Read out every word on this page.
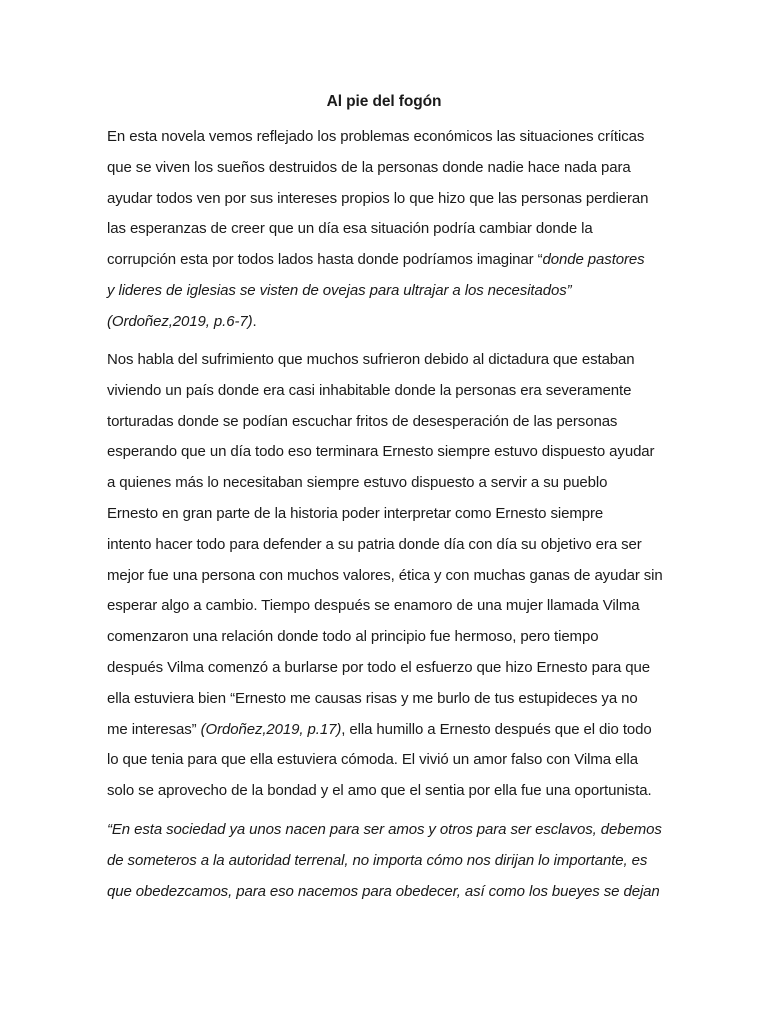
Al pie del fogón
En esta novela vemos reflejado los problemas económicos las situaciones críticas
que se viven los sueños destruidos de la personas donde nadie hace nada para
ayudar todos ven por sus intereses propios lo que hizo que las personas perdieran
las esperanzas de creer que un día esa situación podría cambiar donde la
corrupción esta por todos lados hasta donde podríamos imaginar “donde pastores
y lideres de iglesias se visten de ovejas para ultrajar a los necesitados”
(Ordoñez,2019, p.6-7).
Nos habla del sufrimiento que muchos sufrieron debido al dictadura que estaban
viviendo un país donde era casi inhabitable donde la personas era severamente
torturadas donde se podían escuchar fritos de desesperación de las personas
esperando que un día todo eso terminara Ernesto siempre estuvo dispuesto ayudar
a quienes más lo necesitaban siempre estuvo dispuesto a servir a su pueblo
Ernesto en gran parte de la historia poder interpretar como Ernesto siempre
intento hacer todo para defender a su patria donde día con día su objetivo era ser
mejor fue una persona con muchos valores, ética y con muchas ganas de ayudar sin
esperar algo a cambio. Tiempo después se enamoro de una mujer llamada Vilma
comenzaron una relación donde todo al principio fue hermoso, pero tiempo
después Vilma comenzó a burlarse por todo el esfuerzo que hizo Ernesto para que
ella estuviera bien “Ernesto me causas risas y me burlo de tus estupideces ya no
me interesas” (Ordoñez,2019, p.17), ella humillo a Ernesto después que el dio todo
lo que tenia para que ella estuviera cómoda. El vivió un amor falso con Vilma ella
solo se aprovecho de la bondad y el amo que el sentia por ella fue una oportunista.
“En esta sociedad ya unos nacen para ser amos y otros para ser esclavos, debemos
de someteros a la autoridad terrenal, no importa cómo nos dirijan lo importante, es
que obedezcamos, para eso nacemos para obedecer, así como los bueyes se dejan
